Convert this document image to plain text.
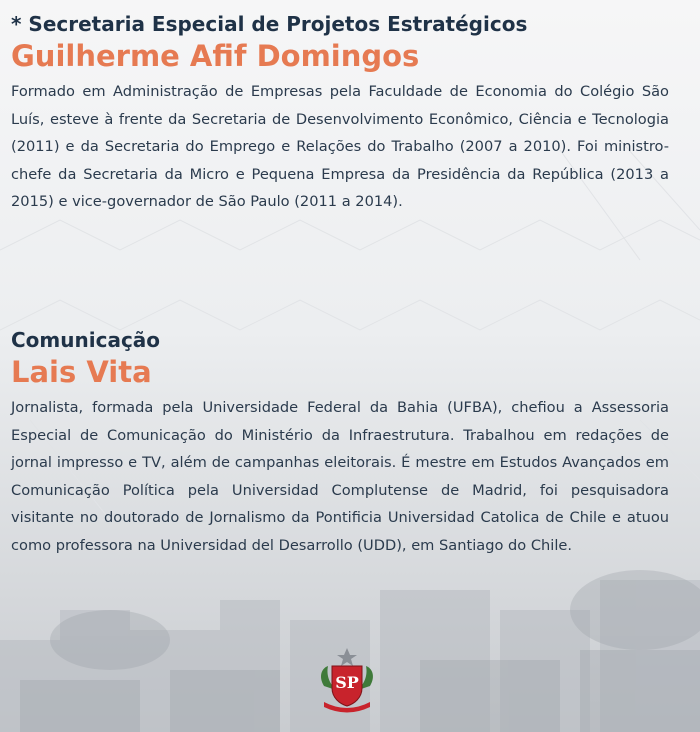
* Secretaria Especial de Projetos Estratégicos
Guilherme Afif Domingos

Formado em Administração de Empresas pela Faculdade de Economia do Colégio São Luís, esteve à frente da Secretaria de Desenvolvimento Econômico, Ciência e Tecnologia (2011) e da Secretaria do Emprego e Relações do Trabalho (2007 a 2010). Foi ministro-chefe da Secretaria da Micro e Pequena Empresa da Presidência da República (2013 a 2015) e vice-governador de São Paulo (2011 a 2014).

Comunicação
Lais Vita

Jornalista, formada pela Universidade Federal da Bahia (UFBA), chefiou a Assessoria Especial de Comunicação do Ministério da Infraestrutura. Trabalhou em redações de jornal impresso e TV, além de campanhas eleitorais. É mestre em Estudos Avançados em Comunicação Política pela Universidad Complutense de Madrid, foi pesquisadora visitante no doutorado de Jornalismo da Pontificia Universidad Catolica de Chile e atuou como professora na Universidad del Desarrollo (UDD), em Santiago do Chile.

SP
